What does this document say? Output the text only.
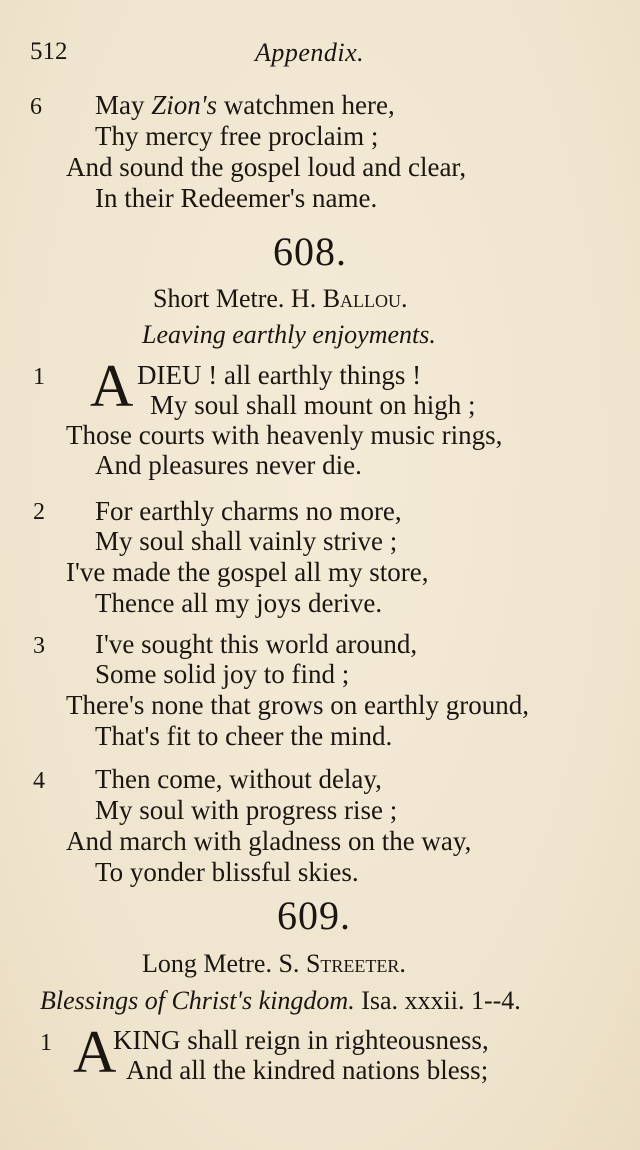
512	Appendix.
6 May Zion's watchmen here,
Thy mercy free proclaim ;
And sound the gospel loud and clear,
In their Redeemer's name.
608.
Short Metre. H. Ballou.
Leaving earthly enjoyments.
1 A DIEU ! all earthly things !
My soul shall mount on high ;
Those courts with heavenly music rings,
And pleasures never die.
2 For earthly charms no more,
My soul shall vainly strive ;
I've made the gospel all my store,
Thence all my joys derive.
3 I've sought this world around,
Some solid joy to find ;
There's none that grows on earthly ground,
That's fit to cheer the mind.
4 Then come, without delay,
My soul with progress rise ;
And march with gladness on the way,
To yonder blissful skies.
609.
Long Metre. S. Streeter.
Blessings of Christ's kingdom. Isa. xxxii. 1--4.
1 A
KING shall reign in righteousness,
And all the kindred nations bless;
